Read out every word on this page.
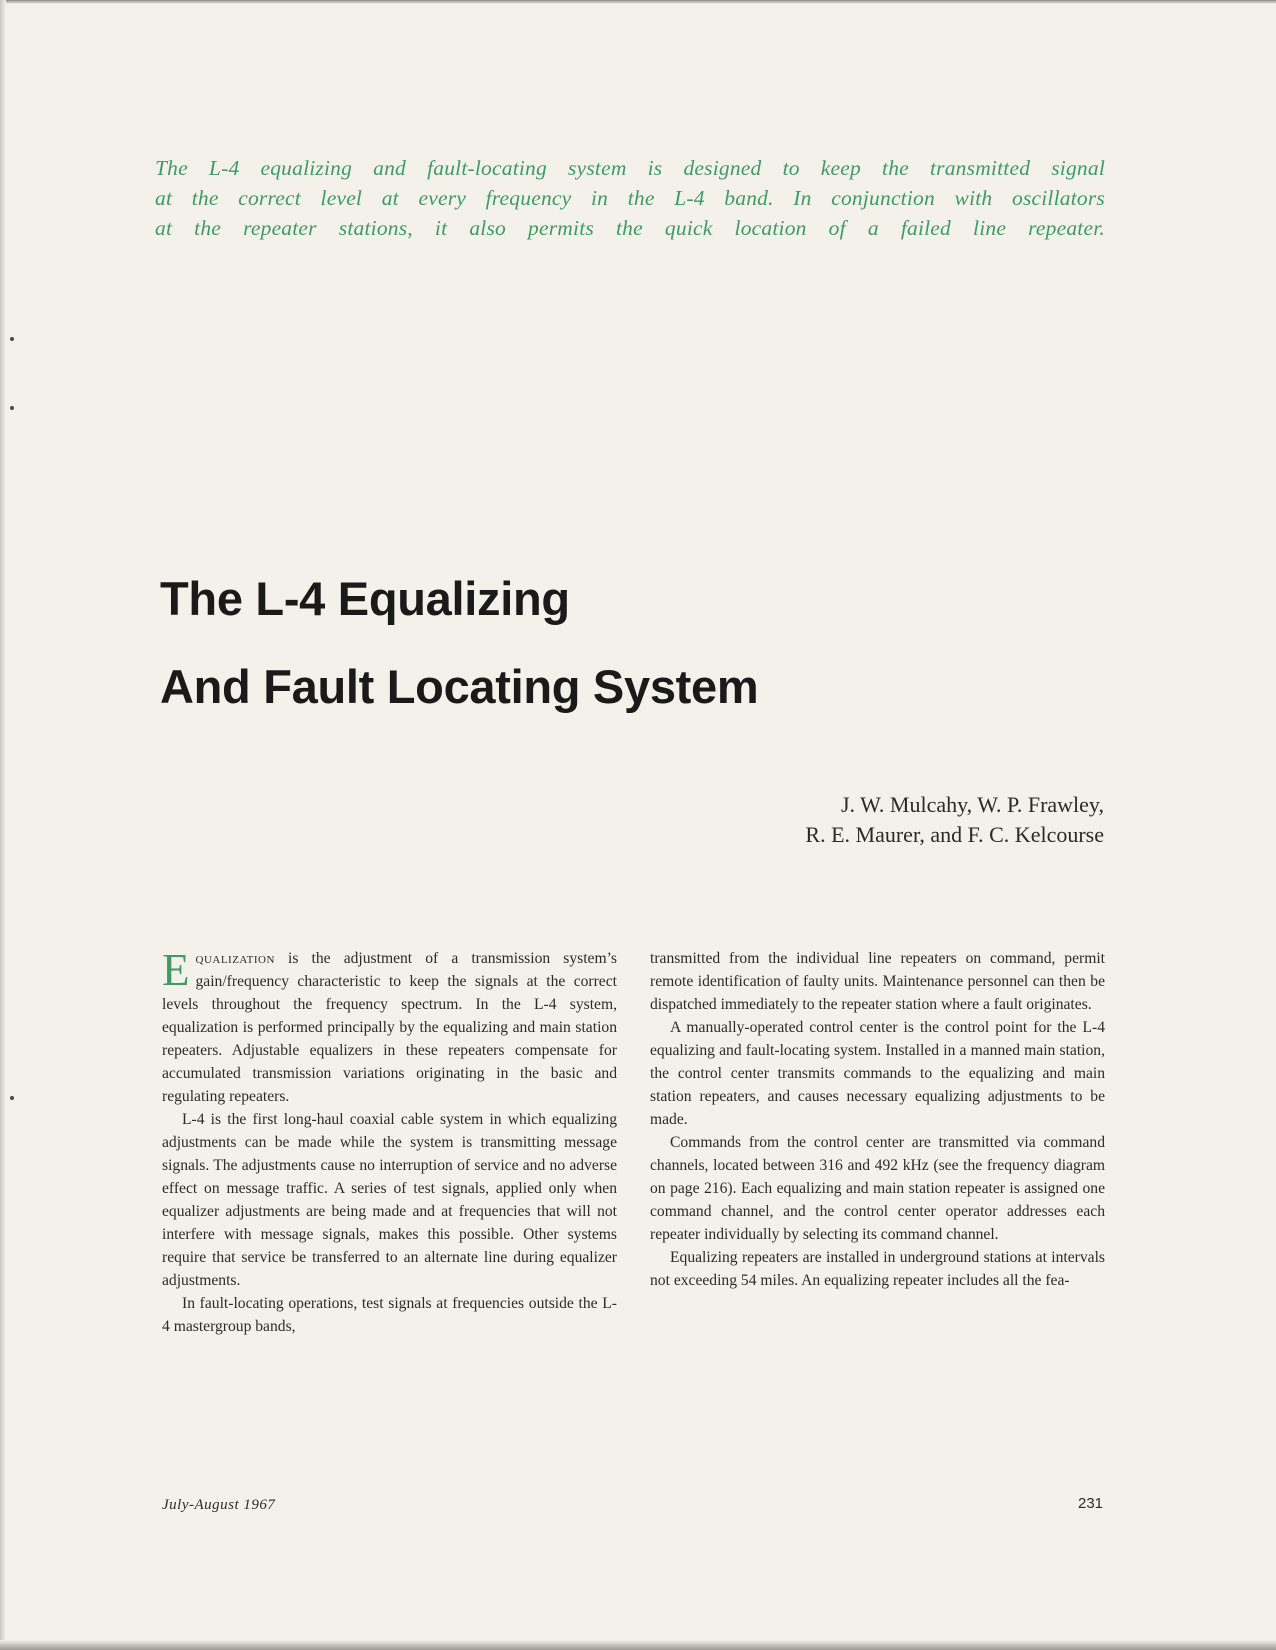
The L-4 equalizing and fault-locating system is designed to keep the transmitted signal
at the correct level at every frequency in the L-4 band. In conjunction with oscillators
at the repeater stations, it also permits the quick location of a failed line repeater.
The L-4 Equalizing
And Fault Locating System
J. W. Mulcahy, W. P. Frawley,
R. E. Maurer, and F. C. Kelcourse

Equalization is the adjustment of a transmission system’s gain/frequency characteristic to keep the signals at the correct levels throughout the frequency spectrum. In the L-4 system, equalization is performed principally by the equalizing and main station repeaters. Adjustable equalizers in these repeaters compensate for accumulated transmission variations originating in the basic and regulating repeaters.

L-4 is the first long-haul coaxial cable system in which equalizing adjustments can be made while the system is transmitting message signals. The adjustments cause no interruption of service and no adverse effect on message traffic. A series of test signals, applied only when equalizer adjustments are being made and at frequencies that will not interfere with message signals, makes this possible. Other systems require that service be transferred to an alternate line during equalizer adjustments.

In fault-locating operations, test signals at frequencies outside the L-4 mastergroup bands,

transmitted from the individual line repeaters on command, permit remote identification of faulty units. Maintenance personnel can then be dispatched immediately to the repeater station where a fault originates.

A manually-operated control center is the control point for the L-4 equalizing and fault-locating system. Installed in a manned main station, the control center transmits commands to the equalizing and main station repeaters, and causes necessary equalizing adjustments to be made.

Commands from the control center are transmitted via command channels, located between 316 and 492 kHz (see the frequency diagram on page 216). Each equalizing and main station repeater is assigned one command channel, and the control center operator addresses each repeater individually by selecting its command channel.

Equalizing repeaters are installed in underground stations at intervals not exceeding 54 miles. An equalizing repeater includes all the fea-

July-August 1967	231
